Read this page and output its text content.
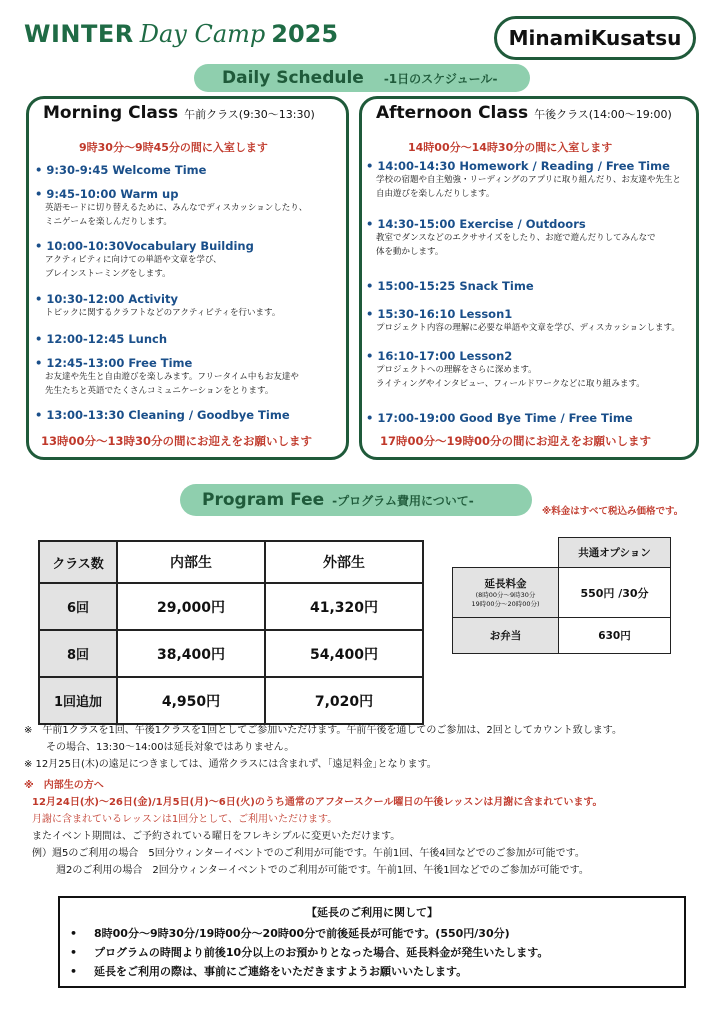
WINTER Day Camp 2025	MinamiKusatsu
Daily Schedule -1日のスケジュール-
Morning Class 午前クラス(9:30〜13:30)
9時30分〜9時45分の間に入室します
• 9:30-9:45 Welcome Time
• 9:45-10:00 Warm up
英語モードに切り替えるために、みんなでディスカッションしたり、
ミニゲームを楽しんだりします。
• 10:00-10:30Vocabulary Building
アクティビティに向けての単語や文章を学び、
ブレインストーミングをします。
• 10:30-12:00 Activity
トピックに関するクラフトなどのアクティビティを行います。
• 12:00-12:45 Lunch
• 12:45-13:00 Free Time
お友達や先生と自由遊びを楽しみます。フリータイム中もお友達や
先生たちと英語でたくさんコミュニケーションをとります。
• 13:00-13:30 Cleaning / Goodbye Time
13時00分〜13時30分の間にお迎えをお願いします
Afternoon Class 午後クラス(14:00〜19:00)
14時00分〜14時30分の間に入室します
• 14:00-14:30 Homework / Reading / Free Time
学校の宿題や自主勉強・リーディングのアプリに取り組んだり、お友達や先生と
自由遊びを楽しんだりします。
• 14:30-15:00 Exercise / Outdoors
教室でダンスなどのエクササイズをしたり、お庭で遊んだりしてみんなで
体を動かします。
• 15:00-15:25 Snack Time
• 15:30-16:10 Lesson1
プロジェクト内容の理解に必要な単語や文章を学び、ディスカッションします。
• 16:10-17:00 Lesson2
プロジェクトへの理解をさらに深めます。
ライティングやインタビュー、フィールドワークなどに取り組みます。
• 17:00-19:00 Good Bye Time / Free Time
17時00分〜19時00分の間にお迎えをお願いします
Program Fee -プログラム費用について-
※料金はすべて税込み価格です。
クラス数	内部生	外部生
6回	29,000円	41,320円
8回	38,400円	54,400円
1回追加	4,950円	7,020円
	共通オプション

延長料金
(8時00分〜9時30分
19時00分〜20時00分)	550円 /30分
お弁当	630円
※　午前1クラスを1回、午後1クラスを1回としてご参加いただけます。午前午後を通してのご参加は、2回としてカウント致します。
その場合、13:30〜14:00は延長対象ではありません。
※ 12月25日(木)の遠足につきましては、通常クラスには含まれず、｢遠足料金｣となります。
※　内部生の方へ
12月24日(水)〜26日(金)/1月5日(月)〜6日(火)のうち通常のアフタースクール曜日の午後レッスンは月謝に含まれています。
月謝に含まれているレッスンは1回分として、ご利用いただけます。
またイベント期間は、ご予約されている曜日をフレキシブルに変更いただけます。
例）週5のご利用の場合　5回分ウィンターイベントでのご利用が可能です。午前1回、午後4回などでのご参加が可能です。
週2のご利用の場合　2回分ウィンターイベントでのご利用が可能です。午前1回、午後1回などでのご参加が可能です。
【延長のご利用に関して】
• 8時00分〜9時30分/19時00分〜20時00分で前後延長が可能です。(550円/30分)
• プログラムの時間より前後10分以上のお預かりとなった場合、延長料金が発生いたします。
• 延長をご利用の際は、事前にご連絡をいただきますようお願いいたします。
